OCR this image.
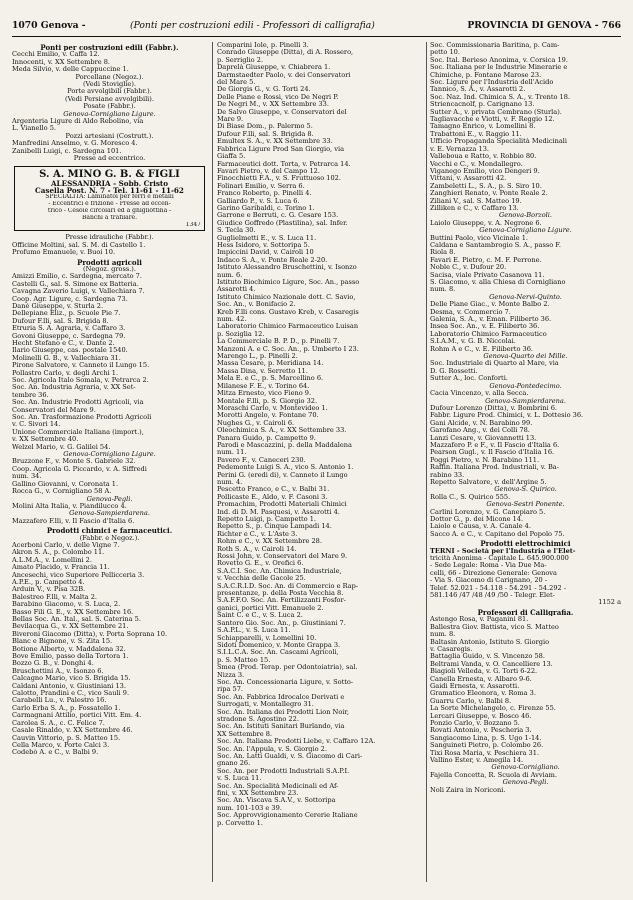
1070 Genova -	(Ponti per costruzioni edili - Professori di calligrafia)	PROVINCIA DI GENOVA - 766
Ponti per costruzioni edili (Fabbr.).
Cecchi Emilio, v. Caffa 12.
Innocenti, v. XX Settembre 8.
Meda Silvio, v. delle Cappuccine 1.
Porcellane (Negoz.).
(Vedi Stoviglie).
Porte avvolgibili (Fabbr.).
(Vedi Persiane avvolgibili).
Posate (Fabbr.).
Genova-Cornigliano Ligure.
Argenteria Ligure di Aldo Rebolino, via
L. Vianello 5.
Pozzi artesiani (Costrutt.).
Manfredini Anselmo, v. G. Moresco 4.
Zanibelli Luigi, c. Sardegna 101.
Presse ad eccentrico.
S. A. MINO G. B. & FIGLI
ALESSANDRIA - Sobb. Cristo
Casella Post. N. 7 - Tel. 11-61 - 11-62
SPECIALITÀ: Laminatoi per ferri e metalli
- Eccentrici e frizione - Presse ad eccen-
trico - Cesoie circolari ed a ghigliottina -
Banchi a trafilare.
1347
Presse idrauliche (Fabbr.).
Officine Moltini, sal. S. M. di Castello 1.
Profumo Emanuele, v. Buoi 10.
Prodotti agricoli
(Negoz. gross.).
Amizzi Emilio, c. Sardegna, mercato 7.
Castelli G., sal. S. Simone ex Batteria.
Cavagna Zaverio Luigi, v. Vallechiara 7.
Coop. Agr. Ligure, c. Sardegna 73.
Dané Giuseppe, v. Sturla 2.
Dellepiane Eliz., p. Scuole Pie 7.
Dufour F.lli, sal. S. Brigida 8.
Etruria S. A. Agraria, v. Caffaro 3.
Govoni Giuseppe, c. Sardegna 79.
Hecht Stefano e C., v. Dante 2.
Ilario Giuseppe, cas. postale 1540.
Molinelli G. B., v. Vallechiara 31.
Pirone Salvatore, v. Canneto il Lungo 15.
Pollastro Carlo, v. degli Archi 1.
Soc. Agricola Italo Somala, v. Petrarca 2.
Soc. An. Industria Agraria, v. XX Set-
tembre 36.
Soc. An. Industrie Prodotti Agricoli, via
Conservatori del Mare 9.
Soc. An. Trasformazione Prodotti Agricoli
v. C. Sivori 14.
Unione Commerciale Italiana (import.),
v. XX Settembre 40.
Welzel Mario, v. G. Galilei 54.
Genova-Cornigliano Ligure.
Bruzzone F., v. Monte S. Gabriele 32.
Coop. Agricola G. Piccardo, v. A. Siffredi
num. 34.
Gallino Giovanni, v. Coronata 1.
Rocca G., v. Cornigliano 58 A.
Genova-Pegli.
Molini Alta Italia, v. Piandilucco 4.
Genova-Sampierdarena.
Mazzafero F.lli, v. Il Fascio d'Italia 6.
Prodotti chimici e farmaceutici.
(Fabbr. e Negoz.).
Acerboni Carlo, v. delle Vigne 7.
Akron S. A., p. Colombo 11.
A.L.M.A., v. Lomellini 2.
Amato Placido, v. Francia 11.
Ancesechi, vico Superiore Pellicceria 3.
A.P.E., p. Campetto 4.
Arduin V., v. Pisa 32B.
Balestreo F.lli, v. Malta 2.
Barabino Giacomo, v. S. Luca, 2.
Basso Fili G. E., v. XX Settembre 16.
Bellas Soc. An. Ital., sal. S. Caterina 5.
Bevilacqua G., v. XX Settembre 21.
Biveroni Giacomo (Ditta), v. Porta Soprana 10.
Blanc e Bignone, v. S. Zita 15.
Botione Alberto, v. Maddalena 32.
Bove Emilio, passo della Tortora 1.
Bozzo G. B., v. Donghi 4.
Bruschettini A., v. Isonzo 6.
Calcagno Mario, vico S. Brigida 15.
Caldani Antonio, v. Giustiniani 13.
Calotto, Prandini e C., vico Sauli 9.
Carabelli Lu., v. Palestro 16.
Carlo Erba S. A., p. Fossatello 1.
Carmagnani Attilio, portici Vitt. Em. 4.
Carolea S. A., c. C. Felice 7.
Casale Rinaldo, v. XX Settembre 46.
Cauvin Vittorio, p. S. Matteo 15.
Cella Marco, v. Porte Calci 3.
Codebò A. e C., v. Balbi 9.
Comparini Iole, p. Pinelli 3.
Conrado Giuseppe (Ditta), di A. Rossero,
p. Serriglio 2.
Daprelà Giuseppe, v. Chiabrera 1.
Darmstaedter Paolo, v. dei Conservatori
del Mare 5.
De Giorgis G., v. G. Torti 24.
Delle Piane e Rossi, vico De Negri P.
De Negri M., v. XX Settembre 33.
De Salvo Giuseppe, v. Conservatori del
Mare 9.
Di Biase Dom., p. Palermo 5.
Dufour F.lli, sal. S. Brigida 8.
Emultex S. A., v. XX Settembre 33.
Fabbrica Ligure Prod San Giorgio, via
Giaffa 5.
Farmaceutici dott. Torta, v. Petrarca 14.
Favari Pietro, v. del Campo 12.
Finocchietti F.A., v. S. Fruttuoso 102.
Folinari Emilio, v. Serra 6.
Franco Roberto, p. Pinelli 4.
Galliardo P., v. S. Luca 6.
Garino Garibaldi, c. Torino 1.
Garrone e Berruti, c. G. Cesare 153.
Giudice Goffredo (Plastilina), sal. Infer.
S. Tecla 30.
Guglielmetti E., v. S. Luca 11.
Hess Isidoro, v. Sottoripa 5.
Impiccini David, v. Cairoli 10
Indaco S. A., v. Ponte Reale 2-20.
Istituto Alessandro Bruschettini, v. Isonzo
num. 6.
Istituto Biochimico Ligure, Soc. An., passo
Assarotti 4.
Istituto Chimico Nazionale dott. C. Savio,
Soc. An., v. Bonifacio 2.
Kreb F.lli cons. Gustavo Kreb, v. Casaregis
num. 42.
Laboratorio Chimico Farmaceutico Luisan
p. Soziglia 12.
La Commerciale B. P. D., p. Pinelli 7.
Manzoni A. e C. Soc. An., p. Umberto I 23.
Marengo L., p. Pinelli 2.
Massa Cesare, p. Meridiana 14.
Massa Dina, v. Serretto 11.
Mela E. e C., p. S. Marcellino 6.
Milanese F. E., v. Torino 64.
Mitza Ernesto, vico Fieno 9.
Montale F.lli, p. S. Giorgio 32.
Moraschi Carlo, v. Montevideo 1.
Morotti Angelo, v. Fontane 70.
Nughes G., v. Cairoli 6.
Oleochimica S. A., v. XX Settembre 33.
Panara Guido, p. Campetto 9.
Parodi e Mascazzini, p. della Maddalena
num. 11.
Pavero F., v. Caneceri 230.
Pedemonte Luigi S. A., vico S. Antonio 1.
Perini G. (eredi di), v. Canneto il Lungo
num. 4.
Pescetto Franco, e C., v. Balbi 31.
Pollicaste E., Aldo, v. F. Casoni 3.
Promachim, Prodotti Materiali Chimici
Ind. di D. M. Pasquesi, v. Assarotti 4.
Repetto Luigi, p. Campetto 1.
Repetto S., p. Cinque Lampadi 14.
Richter e C., v. L'Aste 3.
Rohm e C., v. XX Settembre 28.
Roth S. A., v. Cairoli 14.
Rossi John, v. Conservatori del Mare 9.
Rovetto G. E., v. Orefici 6.
S.A.C.I. Soc. An. Chimica Industriale,
v. Vecchia delle Gacole 25.
S.A.C.R.I.D. Soc. An. di Commercio e Rap-
presentanze, p. della Posta Vecchia 8.
S.A.F.F.O. Soc. An. Fertilizzanti Fosfor-
ganici, portici Vitt. Emanuele 2.
Saint C. e C., v. S. Luca 2.
Santoro Gio. Soc. An., p. Giustiniani 7.
S.A.P.L., v. S. Luca 11.
Schiapparelli, v. Lomellini 10.
Sidoti Domenico, v. Monte Grappa 3.
S.I.L.C.A. Soc. An. Cascami Agricoli,
p. S. Matteo 15.
Smea (Prod. Terap. per Odontoiatria), sal.
Nizza 3.
Soc. An. Concessionaria Ligure, v. Sotto-
ripa 57.
Soc. An. Fabbrica Idrocalce Derivati e
Surrogati, v. Montallegro 31.
Soc. An. Italiana dei Prodotti Lion Noir,
stradone S. Agostino 22.
Soc. An. Istituti Sanitari Burlando, via
XX Settembre 8.
Soc. An. Italiana Prodotti Liebe, v. Caffaro 12A.
Soc. An. l'Appula, v. S. Giorgio 2.
Soc. An. Latti Gualdi, v. S. Giacomo di Cari-
gnano 26.
Soc. An. per Prodotti Industriali S.A.P.I.
v. S. Luca 11.
Soc. An. Specialità Medicinali ed Af-
fini, v. XX Settembre 23.
Soc. An. Viscava S.A.V., v. Sottoripa
num. 101-103 e 39.
Soc. Approvvigionamento Cererie Italiane
p. Corvetto 1.
Soc. Commissionaria Baritina, p. Cam-
petto 10.
Soc. Ital. Berieso Anonima, v. Corsica 19.
Soc. Italiana per le Industrie Minerarie e
Chimiche, p. Fontane Marose 23.
Soc. Ligure per l'Industria dell'Acido
Tannico, S. A., v. Assarotti 2.
Soc. Naz. Ind. Chimica S. A., v. Trento 18.
Striencacnolf, p. Carignano 13.
Sutter A., v. privata Cembrano (Sturla).
Tagliavacche e Viotti, v. F. Reggio 12.
Tamagno Enrico, v. Lomellini 8.
Trabattoni E., v. Raggio 11.
Ufficio Propaganda Specialità Medicinali
v. E. Vernazza 13.
Valleboua e Ratto, v. Robbio 80.
Vecchi e C., v. Mondallegro.
Viganego Emilio, vico Dengeri 9.
Vittani, v. Assarotti 42.
Zambeletti L., S. A., p. S. Siro 10.
Zanghieri Renato, v. Ponte Reale 2.
Ziliani V., sal. S. Matteo 19.
Zilliken e C., v. Caffaro 13.
Genova-Borzoli.
Laiolo Giuseppe, v. A. Negrone 6.
Genova-Cornigliano Ligure.
Buttini Paolo, vico Vicinale 1.
Caldana e Santambrogio S. A., passo F.
Riola 8.
Favari E. Pietro, c. M. F. Perrone.
Noble C., v. Dufour 20.
Sacisa, viale Privato Casanova 11.
S. Giacomo, v. alla Chiesa di Cornigliano
num. 8.
Genova-Nervi-Quinto.
Delle Piane Giac., v. Monte Balbo 2.
Desma, v. Commercio 7.
Galenia, S. A., v. Eman. Filiberto 36.
Insea Soc. An., v. E. Filiberto 36.
Laboratorio Chimico Farmaceutico
S.I.A.M., v. G. B. Niccolai.
Rohm A e C., v. E. Filiberto 36.
Genova-Quarto dei Mille.
Soc. Industriale di Quarto al Mare, via
D. G. Rossetti.
Sutter A., loc. Conforti.
Genova-Pontedecimo.
Cacia Vincenzo, v. alla Secca.
Genova-Sampierdarena.
Dufour Lorenzo (Ditta), v. Bombrini 6.
Fabbr. Ligure Prod. Chimici, v. L. Dottesio 36.
Gani Alcide, v. N. Barabino 99.
Garofano Ang., v. dei Colli 78.
Lanzi Cesare, v. Giovannetti 13.
Mazzafero P. e F., v. Il Fascio d'Italia 6.
Pearson Gugl., v. Il Fascio d'Italia 16.
Poggi Pietro, v. N. Barabino 111.
Raffin. Italiana Prod. Industriali, v. Ba-
rabino 33.
Repetto Salvatore, v. dell'Argine 5.
Genova-S. Quirico.
Rolla C., S. Quirico 555.
Genova-Sestri Ponente.
Carlini Lorenzo, v. G. Canepiaro 5.
Dottor G., p. dei Micone 14.
Laiolo e Causa, v. A. Canale 4.
Sacco A. e C., v. Capitano del Popolo 75.
Prodotti elettrochimici
TERNI - Società per l'Industria e l'Elet-
tricità Anonima - Capitale L. 645.900.000
- Sede Legale: Roma - Via Due Ma-
celli, 66 - Direzione Generale: Genova
- Via S. Giacomo di Carignano, 20 -
Telef. 52.021 - 54.118 - 54.291 - 54.292 -
581.146 /47 /48 /49 /50 - Telegr. Elet-
1152 a
Professori di Calligrafia.
Astengo Rosa, v. Paganini 81.
Ballestra Giov. Battista, vico S. Matteo
num. 8.
Baltasin Antonio, Istituto S. Giorgio
v. Casaregis.
Battaglia Guido, v. S. Vincenzo 58.
Beltrami Vanda, v. O. Cancelliere 13.
Biagioli Velleda, v. G. Torti 6-22.
Canella Ernesta, v. Albaro 9-6.
Gaidi Ernesta, v. Assarotti.
Gramatico Eleonora, v. Roma 3.
Guarru Carlo, v. Balbi 8.
La Sorte Michelangelo, c. Firenze 55.
Lercari Giuseppe, v. Bosco 46.
Ponzio Carlo, v. Bozzano 5.
Rovati Antonio, v. Pescheria 3.
Sangiacomo Lina, p. S. Ugo 1-14.
Sanguineti Pietro, p. Colombo 26.
Tixi Rosa Maria, v. Peschiera 31.
Vallino Ester, v. Amegila 14.
Genova-Cornigliano.
Fajella Concetta, R. Scuola di Avviam.
Genova-Pegli.
Noli Zaira in Noriconi.
